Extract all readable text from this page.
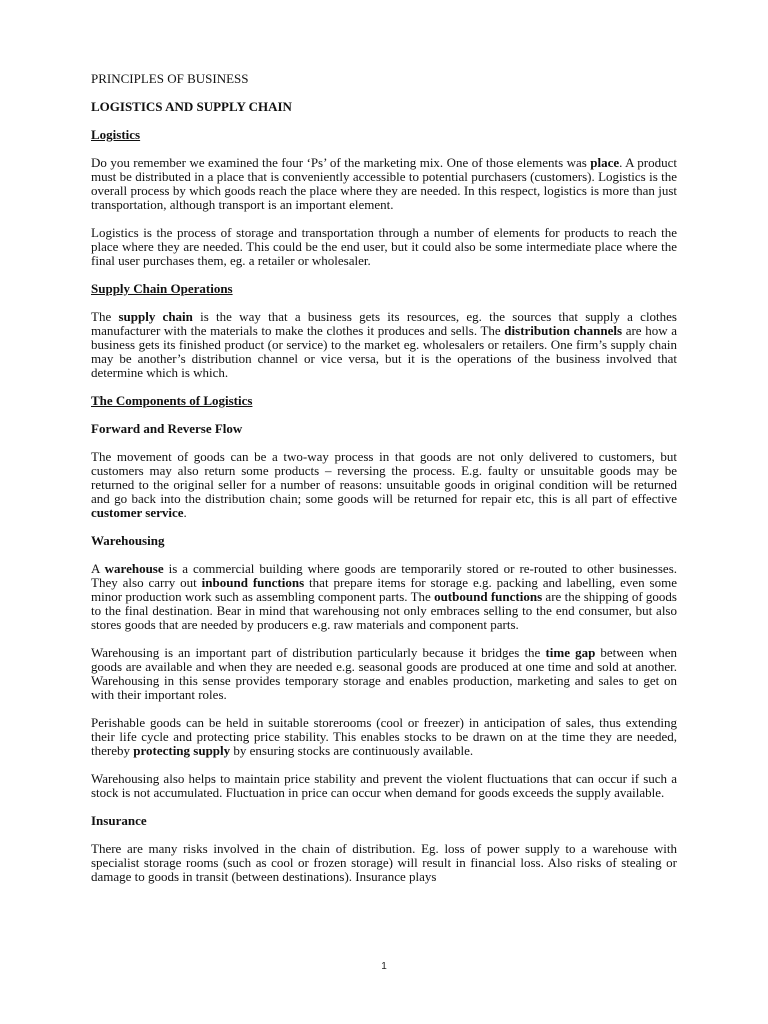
PRINCIPLES OF BUSINESS

LOGISTICS AND SUPPLY CHAIN

Logistics

Do you remember we examined the four ‘Ps’ of the marketing mix. One of those elements was place. A product must be distributed in a place that is conveniently accessible to potential purchasers (customers). Logistics is the overall process by which goods reach the place where they are needed. In this respect, logistics is more than just transportation, although transport is an important element.

Logistics is the process of storage and transportation through a number of elements for products to reach the place where they are needed. This could be the end user, but it could also be some intermediate place where the final user purchases them, eg. a retailer or wholesaler.

Supply Chain Operations

The supply chain is the way that a business gets its resources, eg. the sources that supply a clothes manufacturer with the materials to make the clothes it produces and sells. The distribution channels are how a business gets its finished product (or service) to the market eg. wholesalers or retailers. One firm’s supply chain may be another’s distribution channel or vice versa, but it is the operations of the business involved that determine which is which.

The Components of Logistics

Forward and Reverse Flow

The movement of goods can be a two-way process in that goods are not only delivered to customers, but customers may also return some products – reversing the process. E.g. faulty or unsuitable goods may be returned to the original seller for a number of reasons: unsuitable goods in original condition will be returned and go back into the distribution chain; some goods will be returned for repair etc, this is all part of effective customer service.

Warehousing

A warehouse is a commercial building where goods are temporarily stored or re-routed to other businesses. They also carry out inbound functions that prepare items for storage e.g. packing and labelling, even some minor production work such as assembling component parts. The outbound functions are the shipping of goods to the final destination. Bear in mind that warehousing not only embraces selling to the end consumer, but also stores goods that are needed by producers e.g. raw materials and component parts.

Warehousing is an important part of distribution particularly because it bridges the time gap between when goods are available and when they are needed e.g. seasonal goods are produced at one time and sold at another. Warehousing in this sense provides temporary storage and enables production, marketing and sales to get on with their important roles.

Perishable goods can be held in suitable storerooms (cool or freezer) in anticipation of sales, thus extending their life cycle and protecting price stability. This enables stocks to be drawn on at the time they are needed, thereby protecting supply by ensuring stocks are continuously available.

Warehousing also helps to maintain price stability and prevent the violent fluctuations that can occur if such a stock is not accumulated. Fluctuation in price can occur when demand for goods exceeds the supply available.

Insurance

There are many risks involved in the chain of distribution. Eg. loss of power supply to a warehouse with specialist storage rooms (such as cool or frozen storage) will result in financial loss. Also risks of stealing or damage to goods in transit (between destinations). Insurance plays

1
